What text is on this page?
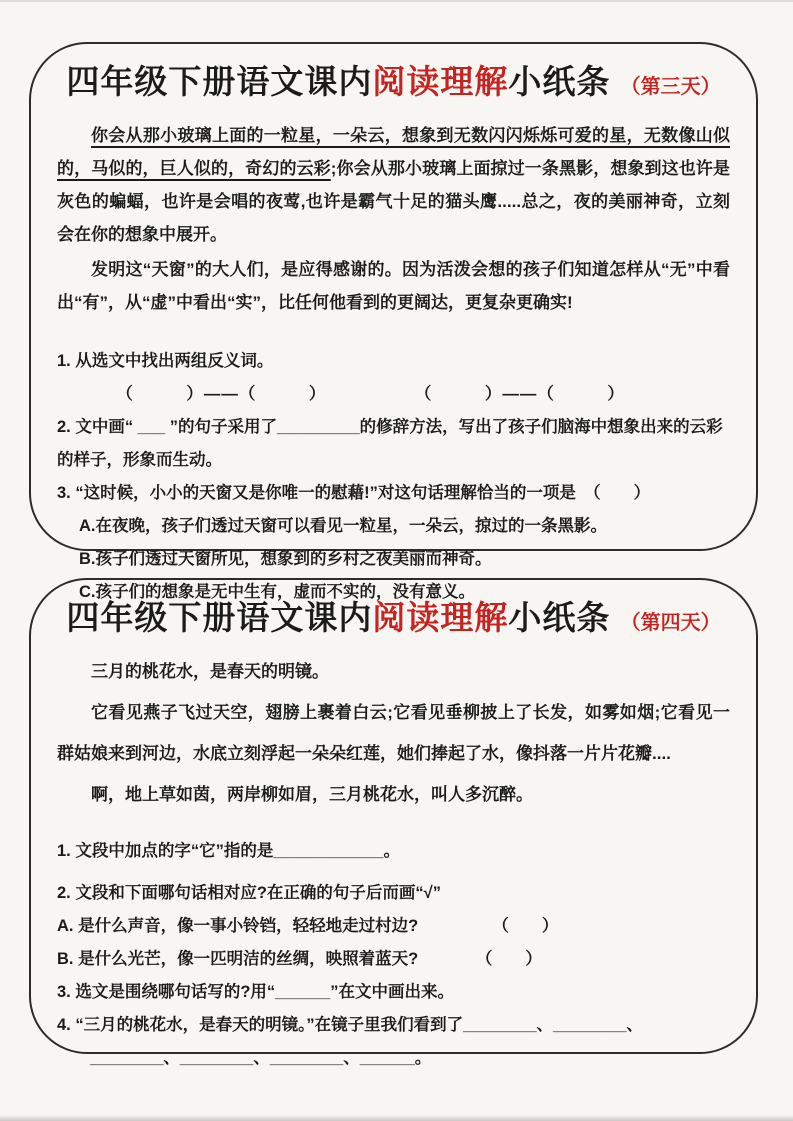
四年级下册语文课内阅读理解小纸条 （第三天）

你会从那小玻璃上面的一粒星，一朵云，想象到无数闪闪烁烁可爱的星，无数像山似的，马似的，巨人似的，奇幻的云彩;你会从那小玻璃上面掠过一条黑影，想象到这也许是灰色的蝙蝠，也许是会唱的夜莺,也许是霸气十足的猫头鹰.....总之，夜的美丽神奇，立刻会在你的想象中展开。

发明这“天窗”的大人们，是应得感谢的。因为活泼会想的孩子们知道怎样从“无”中看出“有”，从“虚”中看出“实”，比任何他看到的更阔达，更复杂更确实!

1. 从选文中找出两组反义词。

（　　　）——（　　　）　　　　　　（　　　）——（　　　）

2. 文中画“ ___ ”的句子采用了_________的修辞方法，写出了孩子们脑海中想象出来的云彩的样子，形象而生动。

3. “这时候，小小的天窗又是你唯一的慰藉!”对这句话理解恰当的一项是　（　　）

A.在夜晚，孩子们透过天窗可以看见一粒星，一朵云，掠过的一条黑影。

B.孩子们透过天窗所见，想象到的乡村之夜美丽而神奇。

C.孩子们的想象是无中生有，虚而不实的，没有意义。

四年级下册语文课内阅读理解小纸条 （第四天）

三月的桃花水，是春天的明镜。

它看见燕子飞过天空，翅膀上裹着白云;它看见垂柳披上了长发，如雾如烟;它看见一群姑娘来到河边，水底立刻浮起一朵朵红莲，她们捧起了水，像抖落一片片花瓣....

啊，地上草如茵，两岸柳如眉，三月桃花水，叫人多沉醉。

1. 文段中加点的字“它”指的是____________。

2. 文段和下面哪句话相对应?在正确的句子后而画“√”

A. 是什么声音，像一事小铃铛，轻轻地走过村边?　　　　　（　　）

B. 是什么光芒，像一匹明洁的丝绸，映照着蓝天?　　　　（　　）

3. 选文是围绕哪句话写的?用“______”在文中画出来。

4. “三月的桃花水，是春天的明镜。”在镜子里我们看到了________、________、________、________、________、______。
